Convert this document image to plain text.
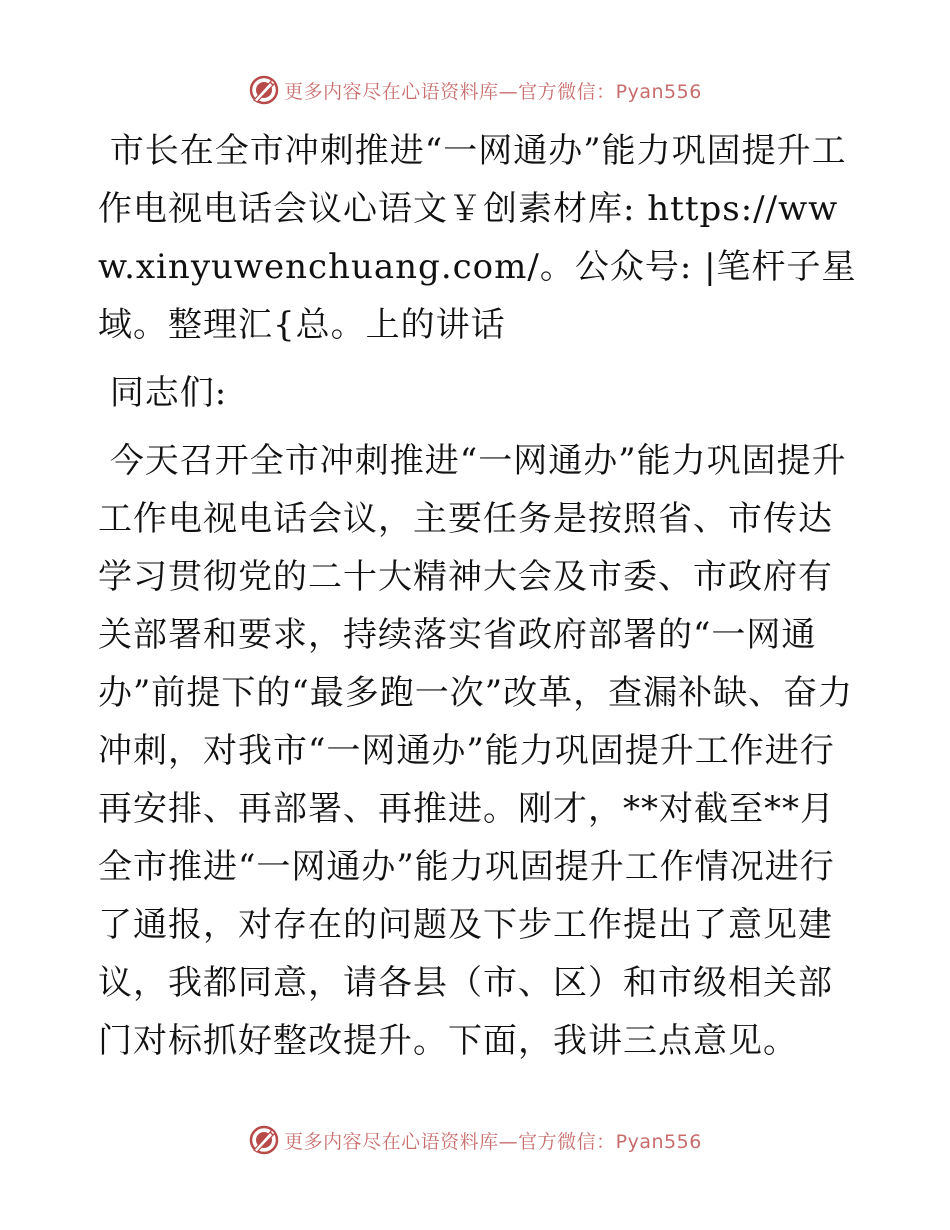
更多内容尽在心语资料库—官方微信：Pyan556
市长在全市冲刺推进“一网通办”能力巩固提升工作电视电话会议心语文￥创素材库: https://www.xinyuwenchuang.com/。公众号: |笔杆子星域。整理汇{总。上的讲话
同志们:
今天召开全市冲刺推进“一网通办”能力巩固提升工作电视电话会议，主要任务是按照省、市传达学习贯彻党的二十大精神大会及市委、市政府有关部署和要求，持续落实省政府部署的“一网通办”前提下的“最多跑一次”改革，查漏补缺、奋力冲刺，对我市“一网通办”能力巩固提升工作进行再安排、再部署、再推进。刚才，**对截至**月全市推进“一网通办”能力巩固提升工作情况进行了通报，对存在的问题及下步工作提出了意见建议，我都同意，请各县（市、区）和市级相关部门对标抓好整改提升。下面，我讲三点意见。
更多内容尽在心语资料库—官方微信：Pyan556
